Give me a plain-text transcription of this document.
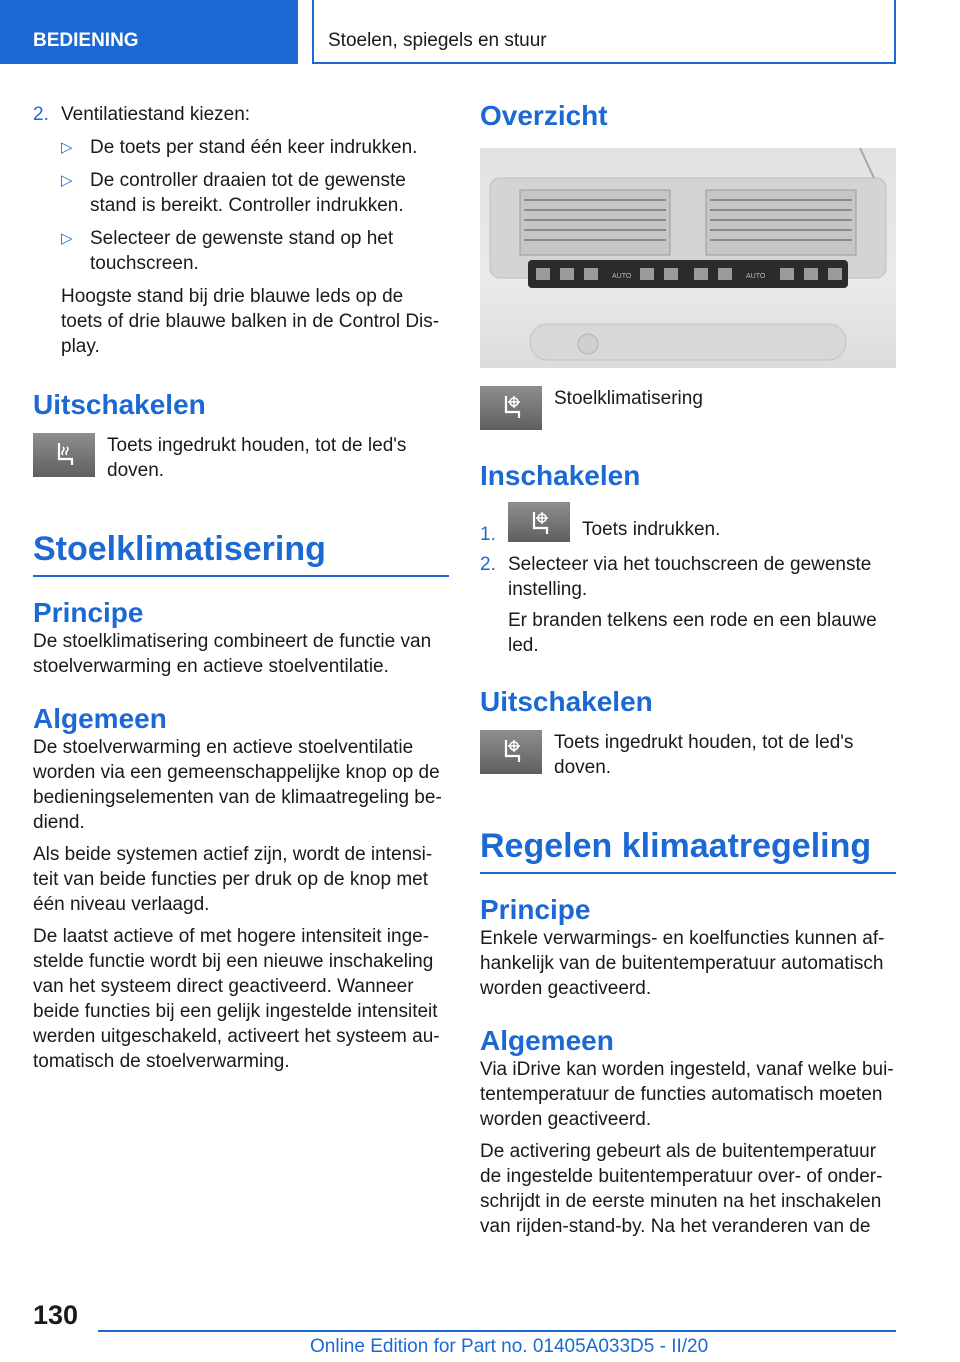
BEDIENING	Stoelen, spiegels en stuur
2. Ventilatiestand kiezen:
▷ De toets per stand één keer indrukken.
▷ De controller draaien tot de gewenste stand is bereikt. Controller indrukken.
▷ Selecteer de gewenste stand op het touchscreen.

Hoogste stand bij drie blauwe leds op de toets of drie blauwe balken in de Control Display.

Uitschakelen

Toets ingedrukt houden, tot de led's doven.

Stoelklimatisering
Principe

De stoelklimatisering combineert de functie van stoelverwarming en actieve stoelventilatie.

Algemeen

De stoelverwarming en actieve stoelventilatie worden via een gemeenschappelijke knop op de bedieningselementen van de klimaatregeling bediend.

Als beide systemen actief zijn, wordt de intensiteit van beide functies per druk op de knop met één niveau verlaagd.

De laatst actieve of met hogere intensiteit ingestelde functie wordt bij een nieuwe inschakeling van het systeem direct geactiveerd. Wanneer beide functies bij een gelijk ingestelde intensiteit werden uitgeschakeld, activeert het systeem automatisch de stoelverwarming.

Overzicht
AUTO	AUTO

Stoelklimatisering

Inschakelen
1.	Toets indrukken.
2. Selecteer via het touchscreen de gewenste instelling.

Er branden telkens een rode en een blauwe led.

Uitschakelen

Toets ingedrukt houden, tot de led's doven.

Regelen klimaatregeling
Principe

Enkele verwarmings- en koelfuncties kunnen afhankelijk van de buitentemperatuur automatisch worden geactiveerd.

Algemeen

Via iDrive kan worden ingesteld, vanaf welke buitentemperatuur de functies automatisch moeten worden geactiveerd.

De activering gebeurt als de buitentemperatuur de ingestelde buitentemperatuur over- of onderschrijdt in de eerste minuten na het inschakelen van rijden-stand-by. Na het veranderen van de

130
Online Edition for Part no. 01405A033D5 - II/20
